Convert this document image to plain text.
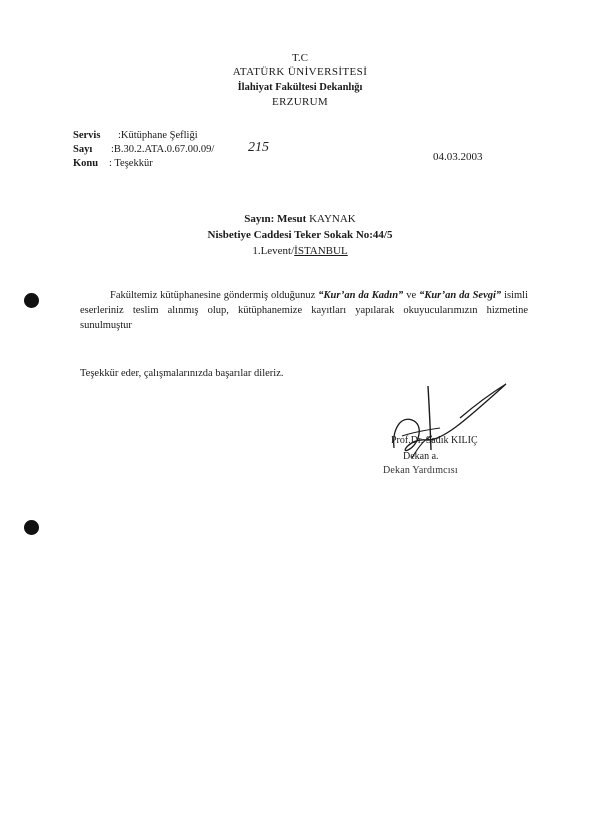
T.C
ATATÜRK ÜNİVERSİTESİ
İlahiyat Fakültesi Dekanlığı
ERZURUM
Servis :Kütüphane Şefliği
Sayı :B.30.2.ATA.0.67.00.09/ 215
Konu : Teşekkür
04.03.2003
Sayın: Mesut KAYNAK
Nisbetiye Caddesi Teker Sokak No:44/5
1.Levent/İSTANBUL
Fakültemiz kütüphanesine göndermiş olduğunuz “Kur’an da Kadın” ve “Kur’an da Sevgi” isimli eserleriniz teslim alınmış olup, kütüphanemize kayıtları yapılarak okuyucularımızın hizmetine sunulmuştur
Teşekkür eder, çalışmalarınızda başarılar dileriz.
Prof.Dr. Sadık KILIÇ
Dekan a.
Dekan Yardımcısı
